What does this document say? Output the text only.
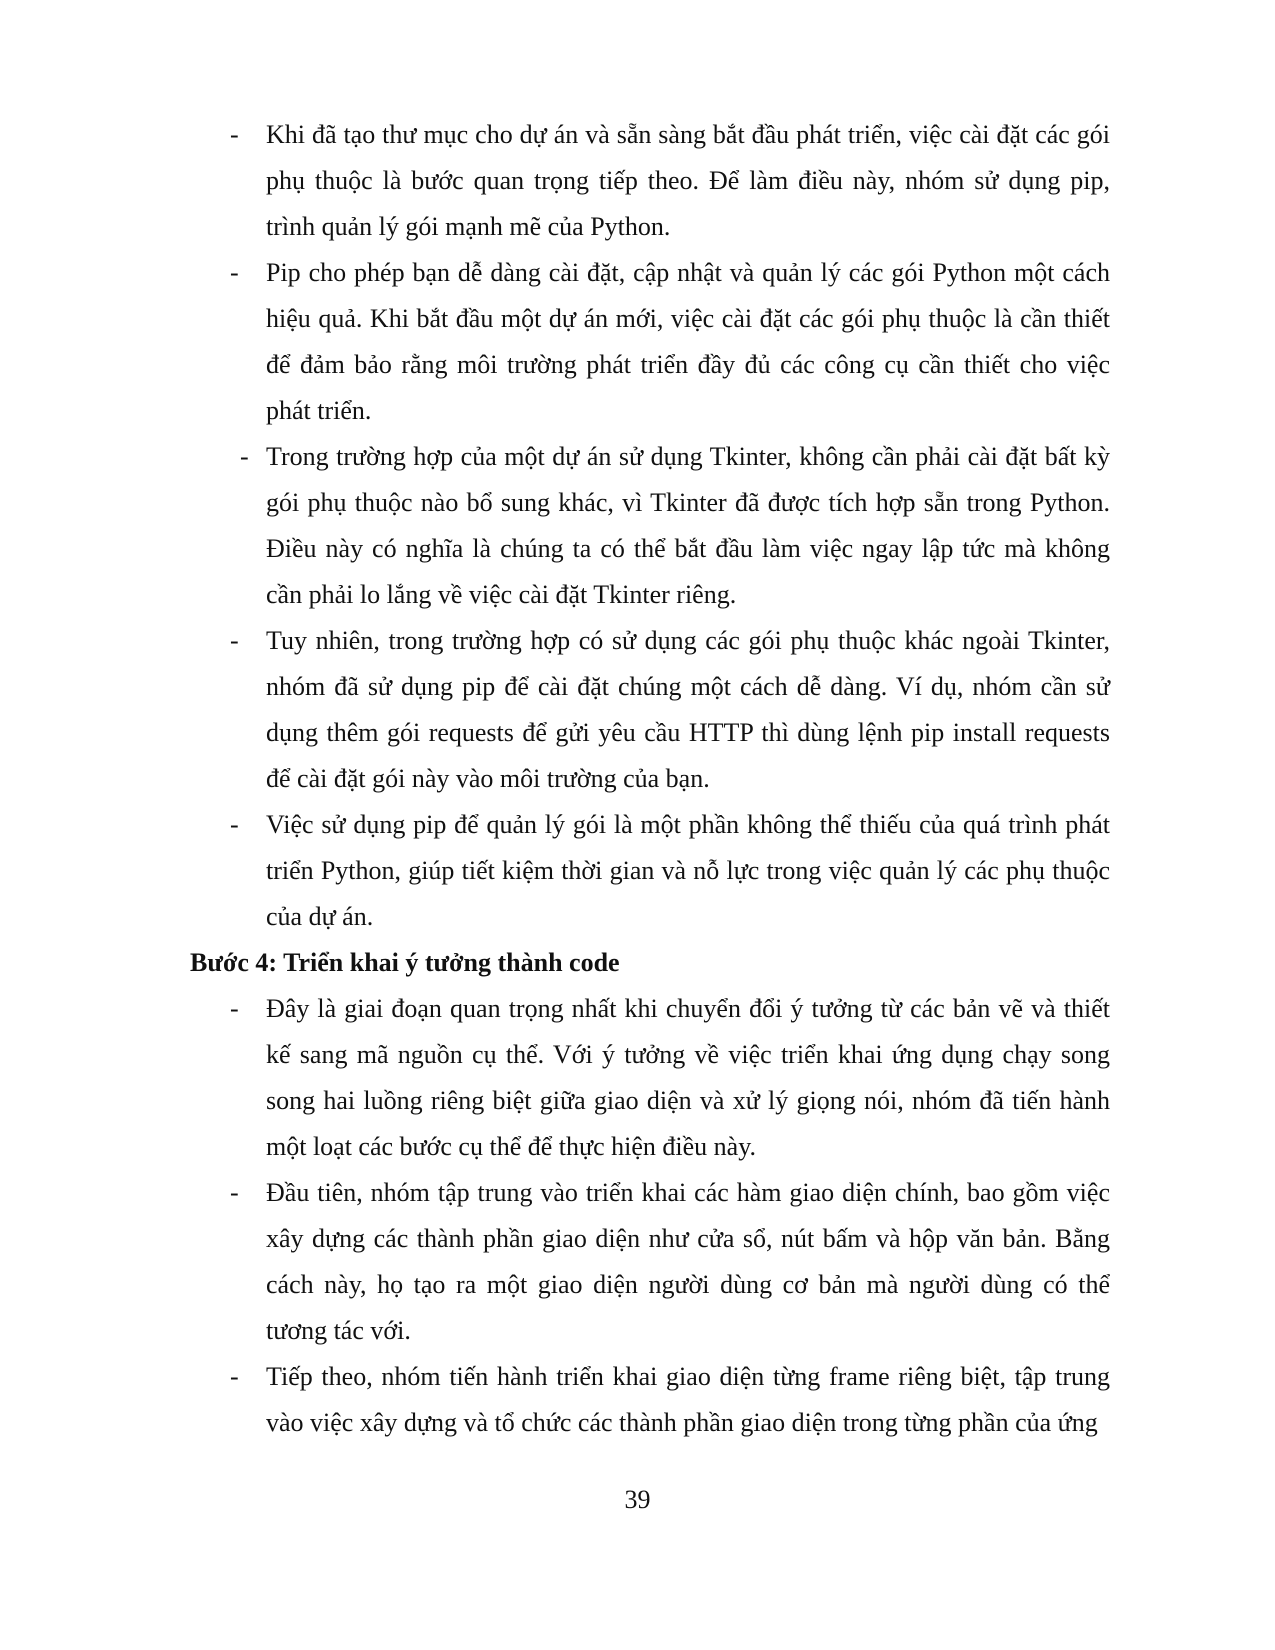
- Khi đã tạo thư mục cho dự án và sẵn sàng bắt đầu phát triển, việc cài đặt các gói phụ thuộc là bước quan trọng tiếp theo. Để làm điều này, nhóm sử dụng pip, trình quản lý gói mạnh mẽ của Python.

- Pip cho phép bạn dễ dàng cài đặt, cập nhật và quản lý các gói Python một cách hiệu quả. Khi bắt đầu một dự án mới, việc cài đặt các gói phụ thuộc là cần thiết để đảm bảo rằng môi trường phát triển đầy đủ các công cụ cần thiết cho việc phát triển.

- Trong trường hợp của một dự án sử dụng Tkinter, không cần phải cài đặt bất kỳ gói phụ thuộc nào bổ sung khác, vì Tkinter đã được tích hợp sẵn trong Python. Điều này có nghĩa là chúng ta có thể bắt đầu làm việc ngay lập tức mà không cần phải lo lắng về việc cài đặt Tkinter riêng.

- Tuy nhiên, trong trường hợp có sử dụng các gói phụ thuộc khác ngoài Tkinter, nhóm đã sử dụng pip để cài đặt chúng một cách dễ dàng. Ví dụ, nhóm cần sử dụng thêm gói requests để gửi yêu cầu HTTP thì dùng lệnh pip install requests để cài đặt gói này vào môi trường của bạn.

- Việc sử dụng pip để quản lý gói là một phần không thể thiếu của quá trình phát triển Python, giúp tiết kiệm thời gian và nỗ lực trong việc quản lý các phụ thuộc của dự án.

Bước 4: Triển khai ý tưởng thành code

- Đây là giai đoạn quan trọng nhất khi chuyển đổi ý tưởng từ các bản vẽ và thiết kế sang mã nguồn cụ thể. Với ý tưởng về việc triển khai ứng dụng chạy song song hai luồng riêng biệt giữa giao diện và xử lý giọng nói, nhóm đã tiến hành một loạt các bước cụ thể để thực hiện điều này.

- Đầu tiên, nhóm tập trung vào triển khai các hàm giao diện chính, bao gồm việc xây dựng các thành phần giao diện như cửa sổ, nút bấm và hộp văn bản. Bằng cách này, họ tạo ra một giao diện người dùng cơ bản mà người dùng có thể tương tác với.

- Tiếp theo, nhóm tiến hành triển khai giao diện từng frame riêng biệt, tập trung vào việc xây dựng và tổ chức các thành phần giao diện trong từng phần của ứng

39
